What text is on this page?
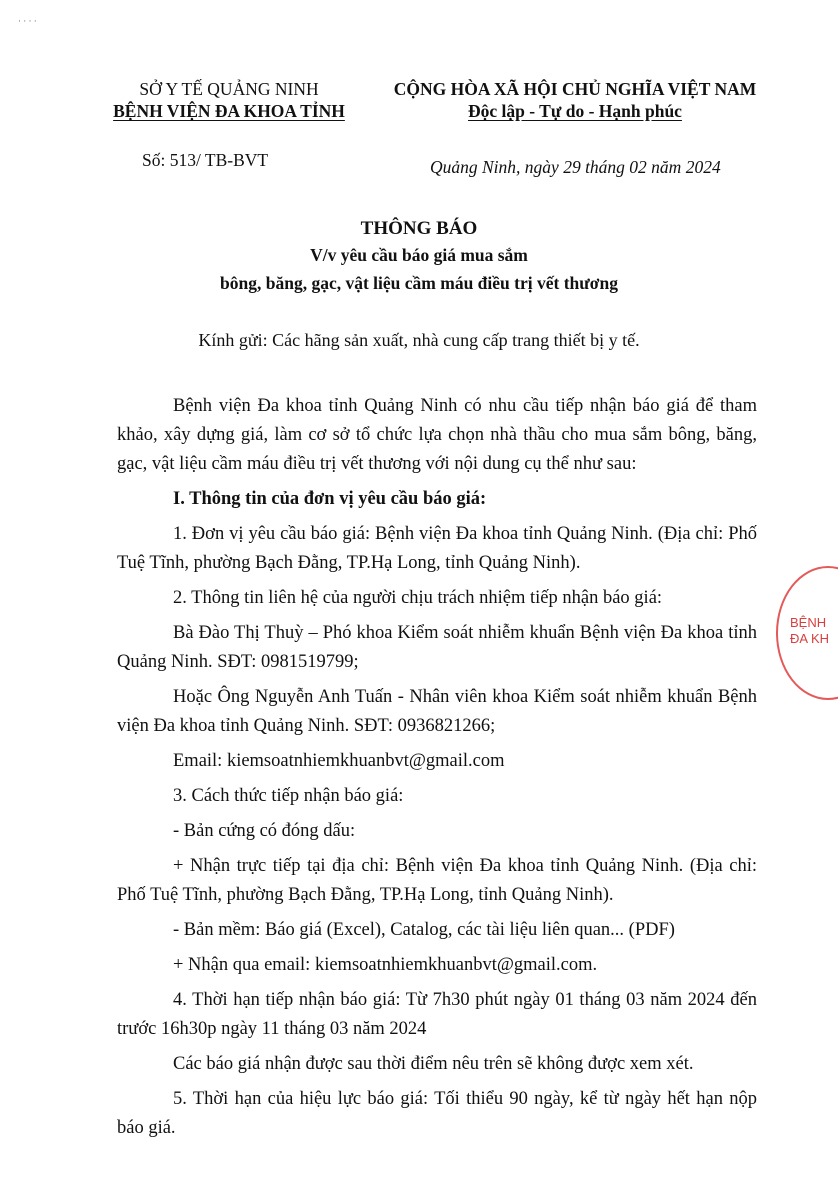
· · · ·
SỞ Y TẾ QUẢNG NINH
BỆNH VIỆN ĐA KHOA TỈNH
CỘNG HÒA XÃ HỘI CHỦ NGHĨA VIỆT NAM
Độc lập - Tự do - Hạnh phúc
Số: 513/ TB-BVT	Quảng Ninh, ngày 29 tháng 02 năm 2024
THÔNG BÁO
V/v yêu cầu báo giá mua sắm
bông, băng, gạc, vật liệu cầm máu điều trị vết thương
Kính gửi: Các hãng sản xuất, nhà cung cấp trang thiết bị y tế.

Bệnh viện Đa khoa tỉnh Quảng Ninh có nhu cầu tiếp nhận báo giá để tham khảo, xây dựng giá, làm cơ sở tổ chức lựa chọn nhà thầu cho mua sắm bông, băng, gạc, vật liệu cầm máu điều trị vết thương với nội dung cụ thể như sau:

I. Thông tin của đơn vị yêu cầu báo giá:

1. Đơn vị yêu cầu báo giá: Bệnh viện Đa khoa tỉnh Quảng Ninh. (Địa chỉ: Phố Tuệ Tĩnh, phường Bạch Đằng, TP.Hạ Long, tỉnh Quảng Ninh).

2. Thông tin liên hệ của người chịu trách nhiệm tiếp nhận báo giá:

Bà Đào Thị Thuỳ – Phó khoa Kiểm soát nhiễm khuẩn Bệnh viện Đa khoa tỉnh Quảng Ninh. SĐT: 0981519799;

Hoặc Ông Nguyễn Anh Tuấn - Nhân viên khoa Kiểm soát nhiễm khuẩn Bệnh viện Đa khoa tỉnh Quảng Ninh. SĐT: 0936821266;

Email: kiemsoatnhiemkhuanbvt@gmail.com

3. Cách thức tiếp nhận báo giá:

- Bản cứng có đóng dấu:

+ Nhận trực tiếp tại địa chỉ: Bệnh viện Đa khoa tỉnh Quảng Ninh. (Địa chỉ: Phố Tuệ Tĩnh, phường Bạch Đằng, TP.Hạ Long, tỉnh Quảng Ninh).

- Bản mềm: Báo giá (Excel), Catalog, các tài liệu liên quan... (PDF)

+ Nhận qua email: kiemsoatnhiemkhuanbvt@gmail.com.

4. Thời hạn tiếp nhận báo giá: Từ 7h30 phút ngày 01 tháng 03 năm 2024 đến trước 16h30p ngày 11 tháng 03 năm 2024

Các báo giá nhận được sau thời điểm nêu trên sẽ không được xem xét.

5. Thời hạn của hiệu lực báo giá: Tối thiểu 90 ngày, kể từ ngày hết hạn nộp báo giá.

BỆNH
ĐA KH
